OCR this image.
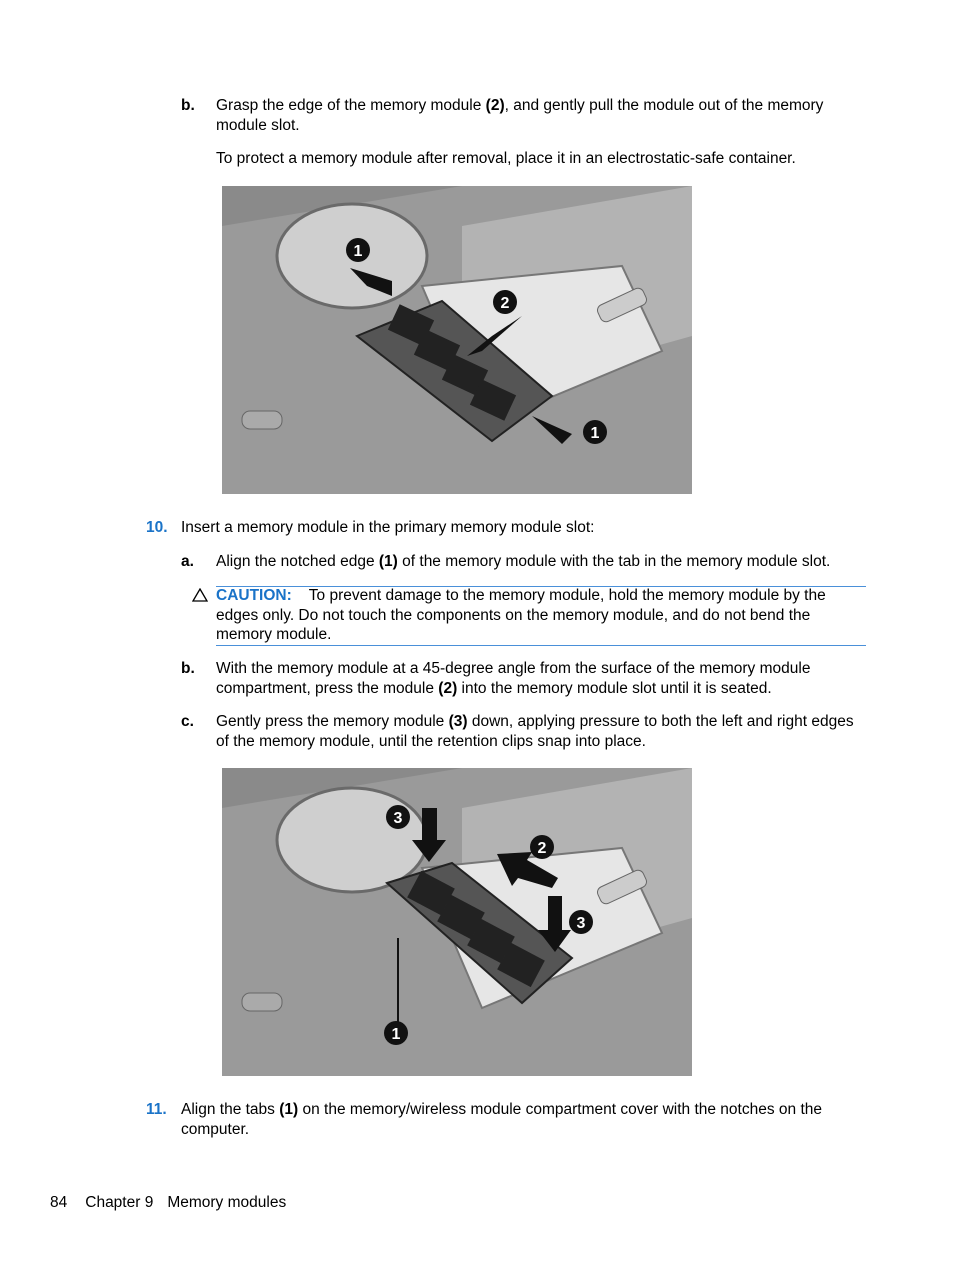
b. Grasp the edge of the memory module (2), and gently pull the module out of the memory
module slot.
To protect a memory module after removal, place it in an electrostatic-safe container.
1
2
1
10. Insert a memory module in the primary memory module slot:
a. Align the notched edge (1) of the memory module with the tab in the memory module slot.
CAUTION: To prevent damage to the memory module, hold the memory module by the
edges only. Do not touch the components on the memory module, and do not bend the
memory module.
b. With the memory module at a 45-degree angle from the surface of the memory module
compartment, press the module (2) into the memory module slot until it is seated.
c. Gently press the memory module (3) down, applying pressure to both the left and right edges
of the memory module, until the retention clips snap into place.
3
2
3
1
11. Align the tabs (1) on the memory/wireless module compartment cover with the notches on the
computer.
84 Chapter 9 Memory modules
